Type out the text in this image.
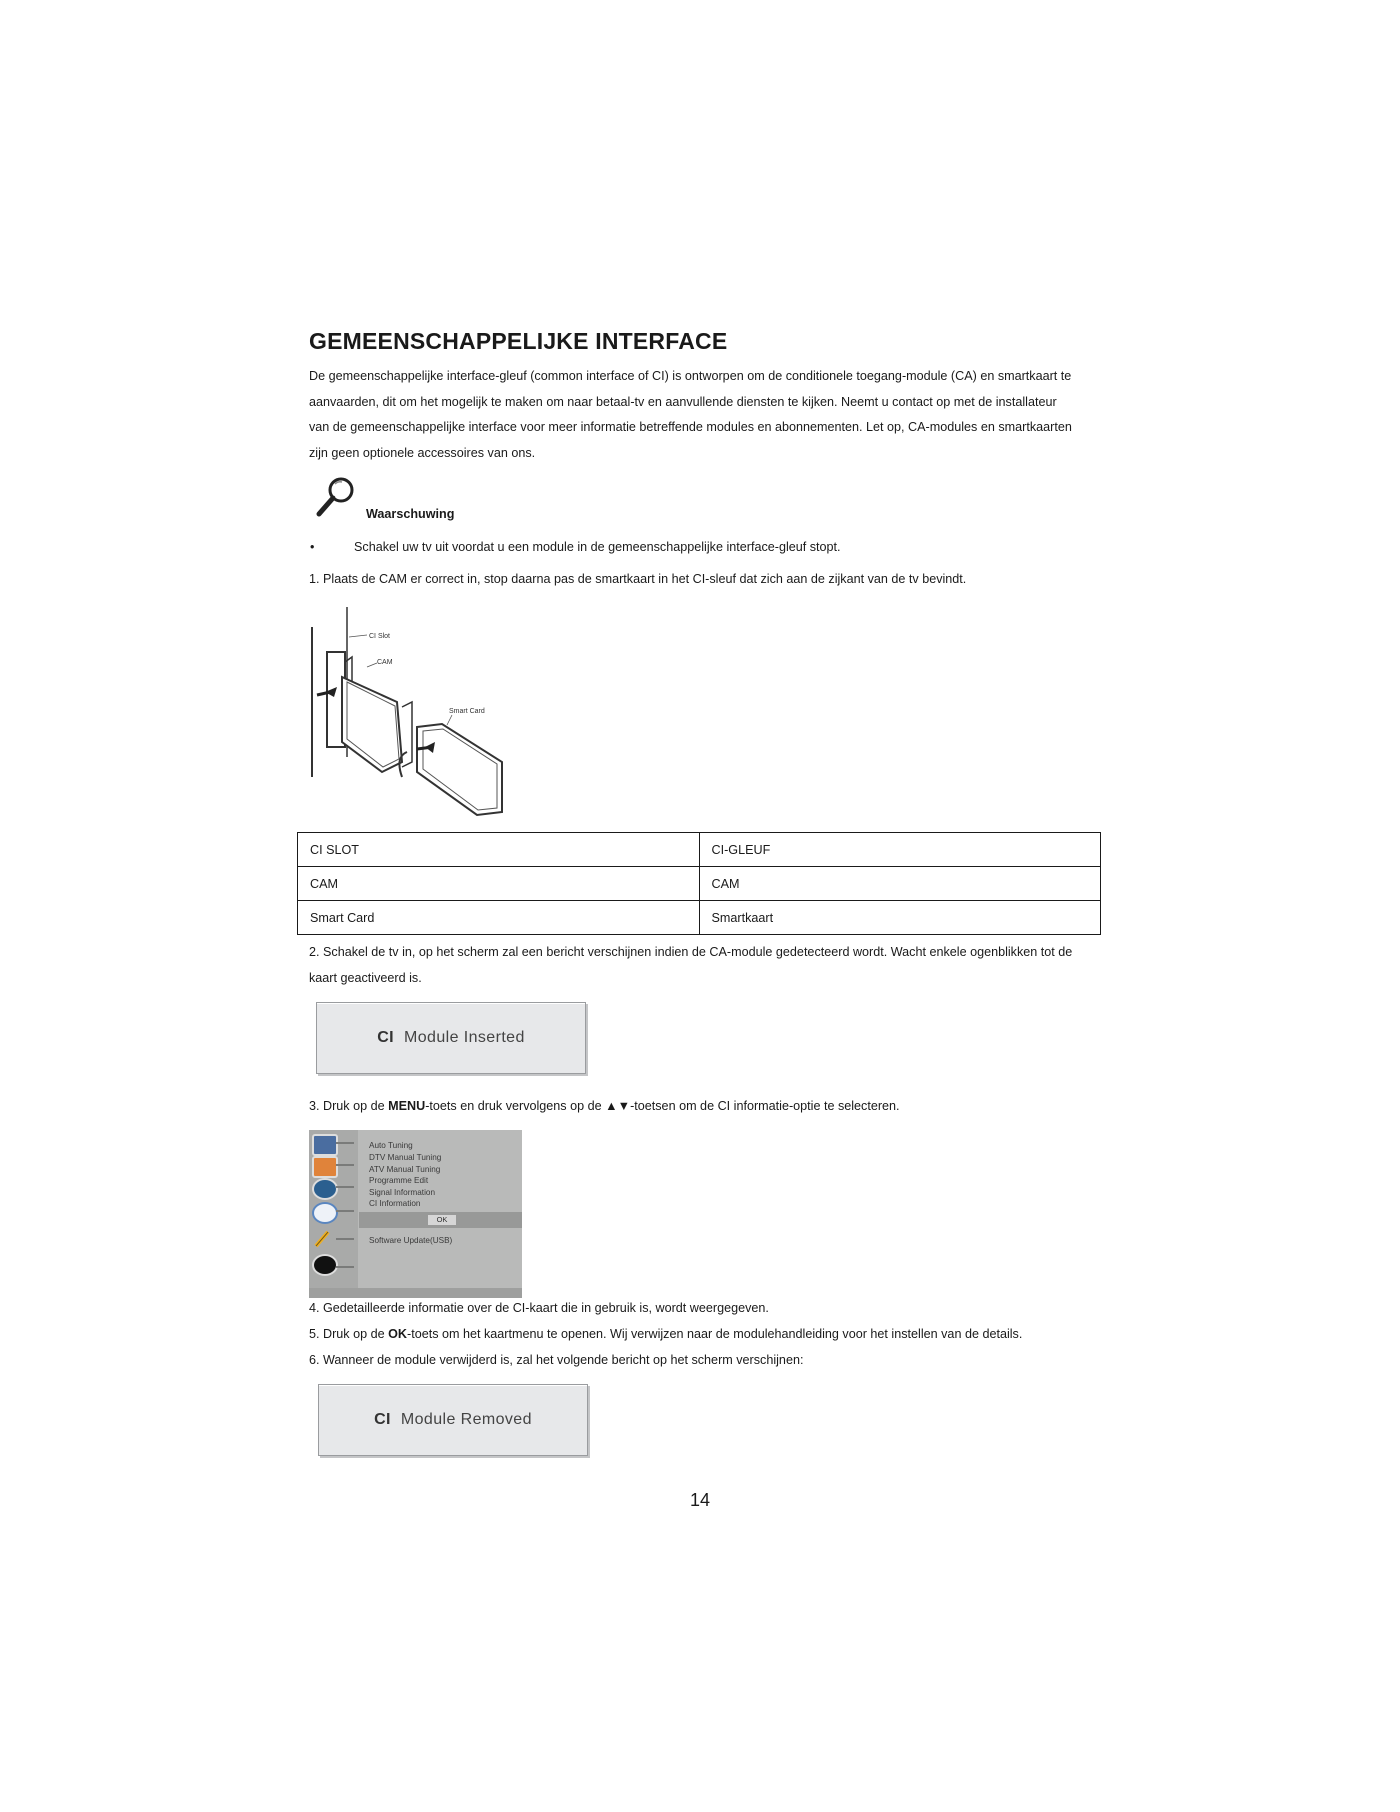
GEMEENSCHAPPELIJKE INTERFACE

De gemeenschappelijke interface-gleuf (common interface of CI) is ontworpen om de conditionele toegang-module (CA) en smartkaart te

aanvaarden, dit om het mogelijk te maken om naar betaal-tv en aanvullende diensten te kijken. Neemt u contact op met de installateur

van de gemeenschappelijke interface voor meer informatie betreffende modules en abonnementen. Let op, CA-modules en smartkaarten

zijn geen optionele accessoires van ons.

Waarschuwing
•	Schakel uw tv uit voordat u een module in de gemeenschappelijke interface-gleuf stopt.
1. Plaats de CAM er correct in, stop daarna pas de smartkaart in het CI-sleuf dat zich aan de zijkant van de tv bevindt.
CI Slot
CAM
Smart Card
CI SLOT	CI-GLEUF
CAM	CAM
Smart Card	Smartkaart

2. Schakel de tv in, op het scherm zal een bericht verschijnen indien de CA-module gedetecteerd wordt. Wacht enkele ogenblikken tot de

kaart geactiveerd is.

CI Module Inserted
3. Druk op de MENU-toets en druk vervolgens op de ▲▼-toetsen om de CI informatie-optie te selecteren.
Auto Tuning
DTV Manual Tuning
ATV Manual Tuning
Programme Edit
Signal Information
CI Information
OK
Software Update(USB)
4. Gedetailleerde informatie over de CI-kaart die in gebruik is, wordt weergegeven.
5. Druk op de OK-toets om het kaartmenu te openen. Wij verwijzen naar de modulehandleiding voor het instellen van de details.
6. Wanneer de module verwijderd is, zal het volgende bericht op het scherm verschijnen:
CI Module Removed
14
